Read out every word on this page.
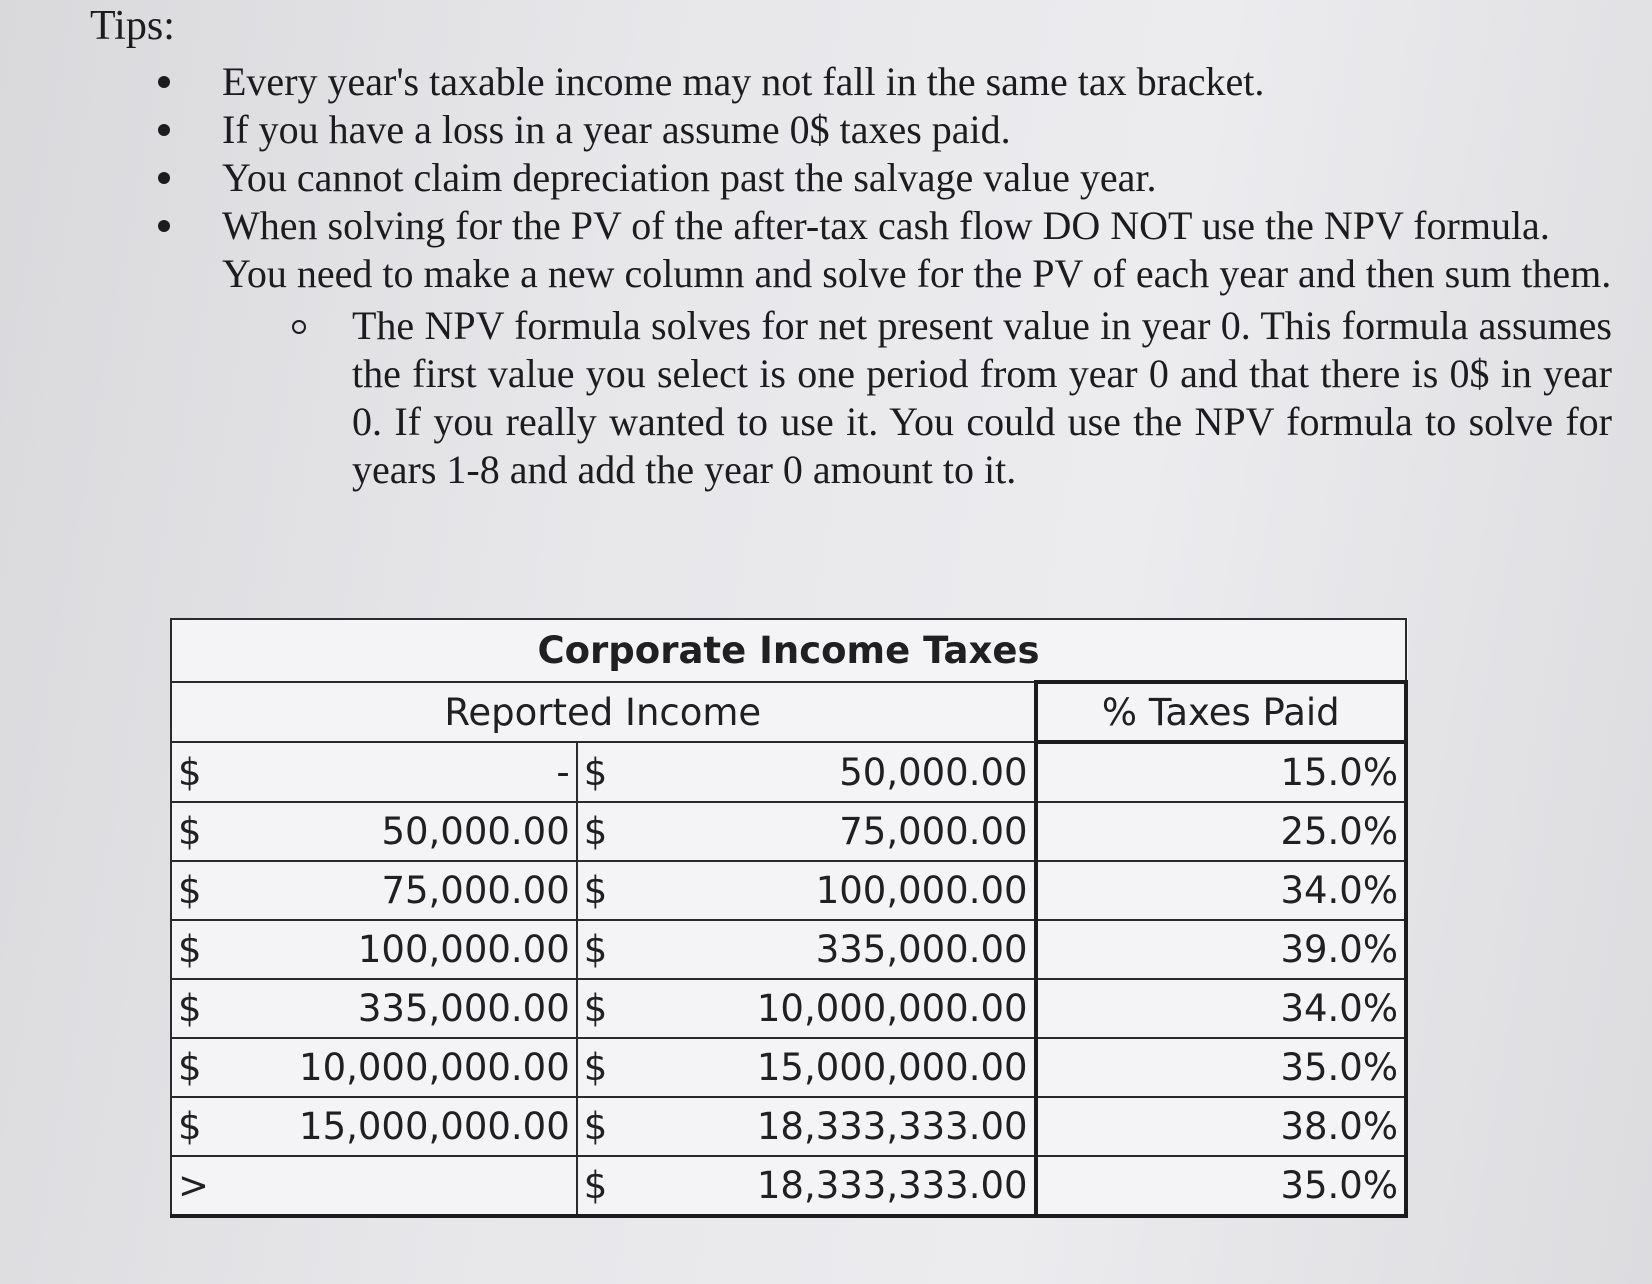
Tips:
Every year's taxable income may not fall in the same tax bracket.
If you have a loss in a year assume 0$ taxes paid.
You cannot claim depreciation past the salvage value year.
When solving for the PV of the after-tax cash flow DO NOT use the NPV formula. You need to make a new column and solve for the PV of each year and then sum them.
The NPV formula solves for net present value in year 0. This formula assumes the first value you select is one period from year 0 and that there is 0$ in year 0. If you really wanted to use it. You could use the NPV formula to solve for years 1-8 and add the year 0 amount to it.
Corporate Income Taxes				
Reported Income				% Taxes Paid
$	-	$	50,000.00	15.0%
$	50,000.00	$	75,000.00	25.0%
$	75,000.00	$	100,000.00	34.0%
$	100,000.00	$	335,000.00	39.0%
$	335,000.00	$	10,000,000.00	34.0%
$	10,000,000.00	$	15,000,000.00	35.0%
$	15,000,000.00	$	18,333,333.00	38.0%
>		$	18,333,333.00	35.0%
